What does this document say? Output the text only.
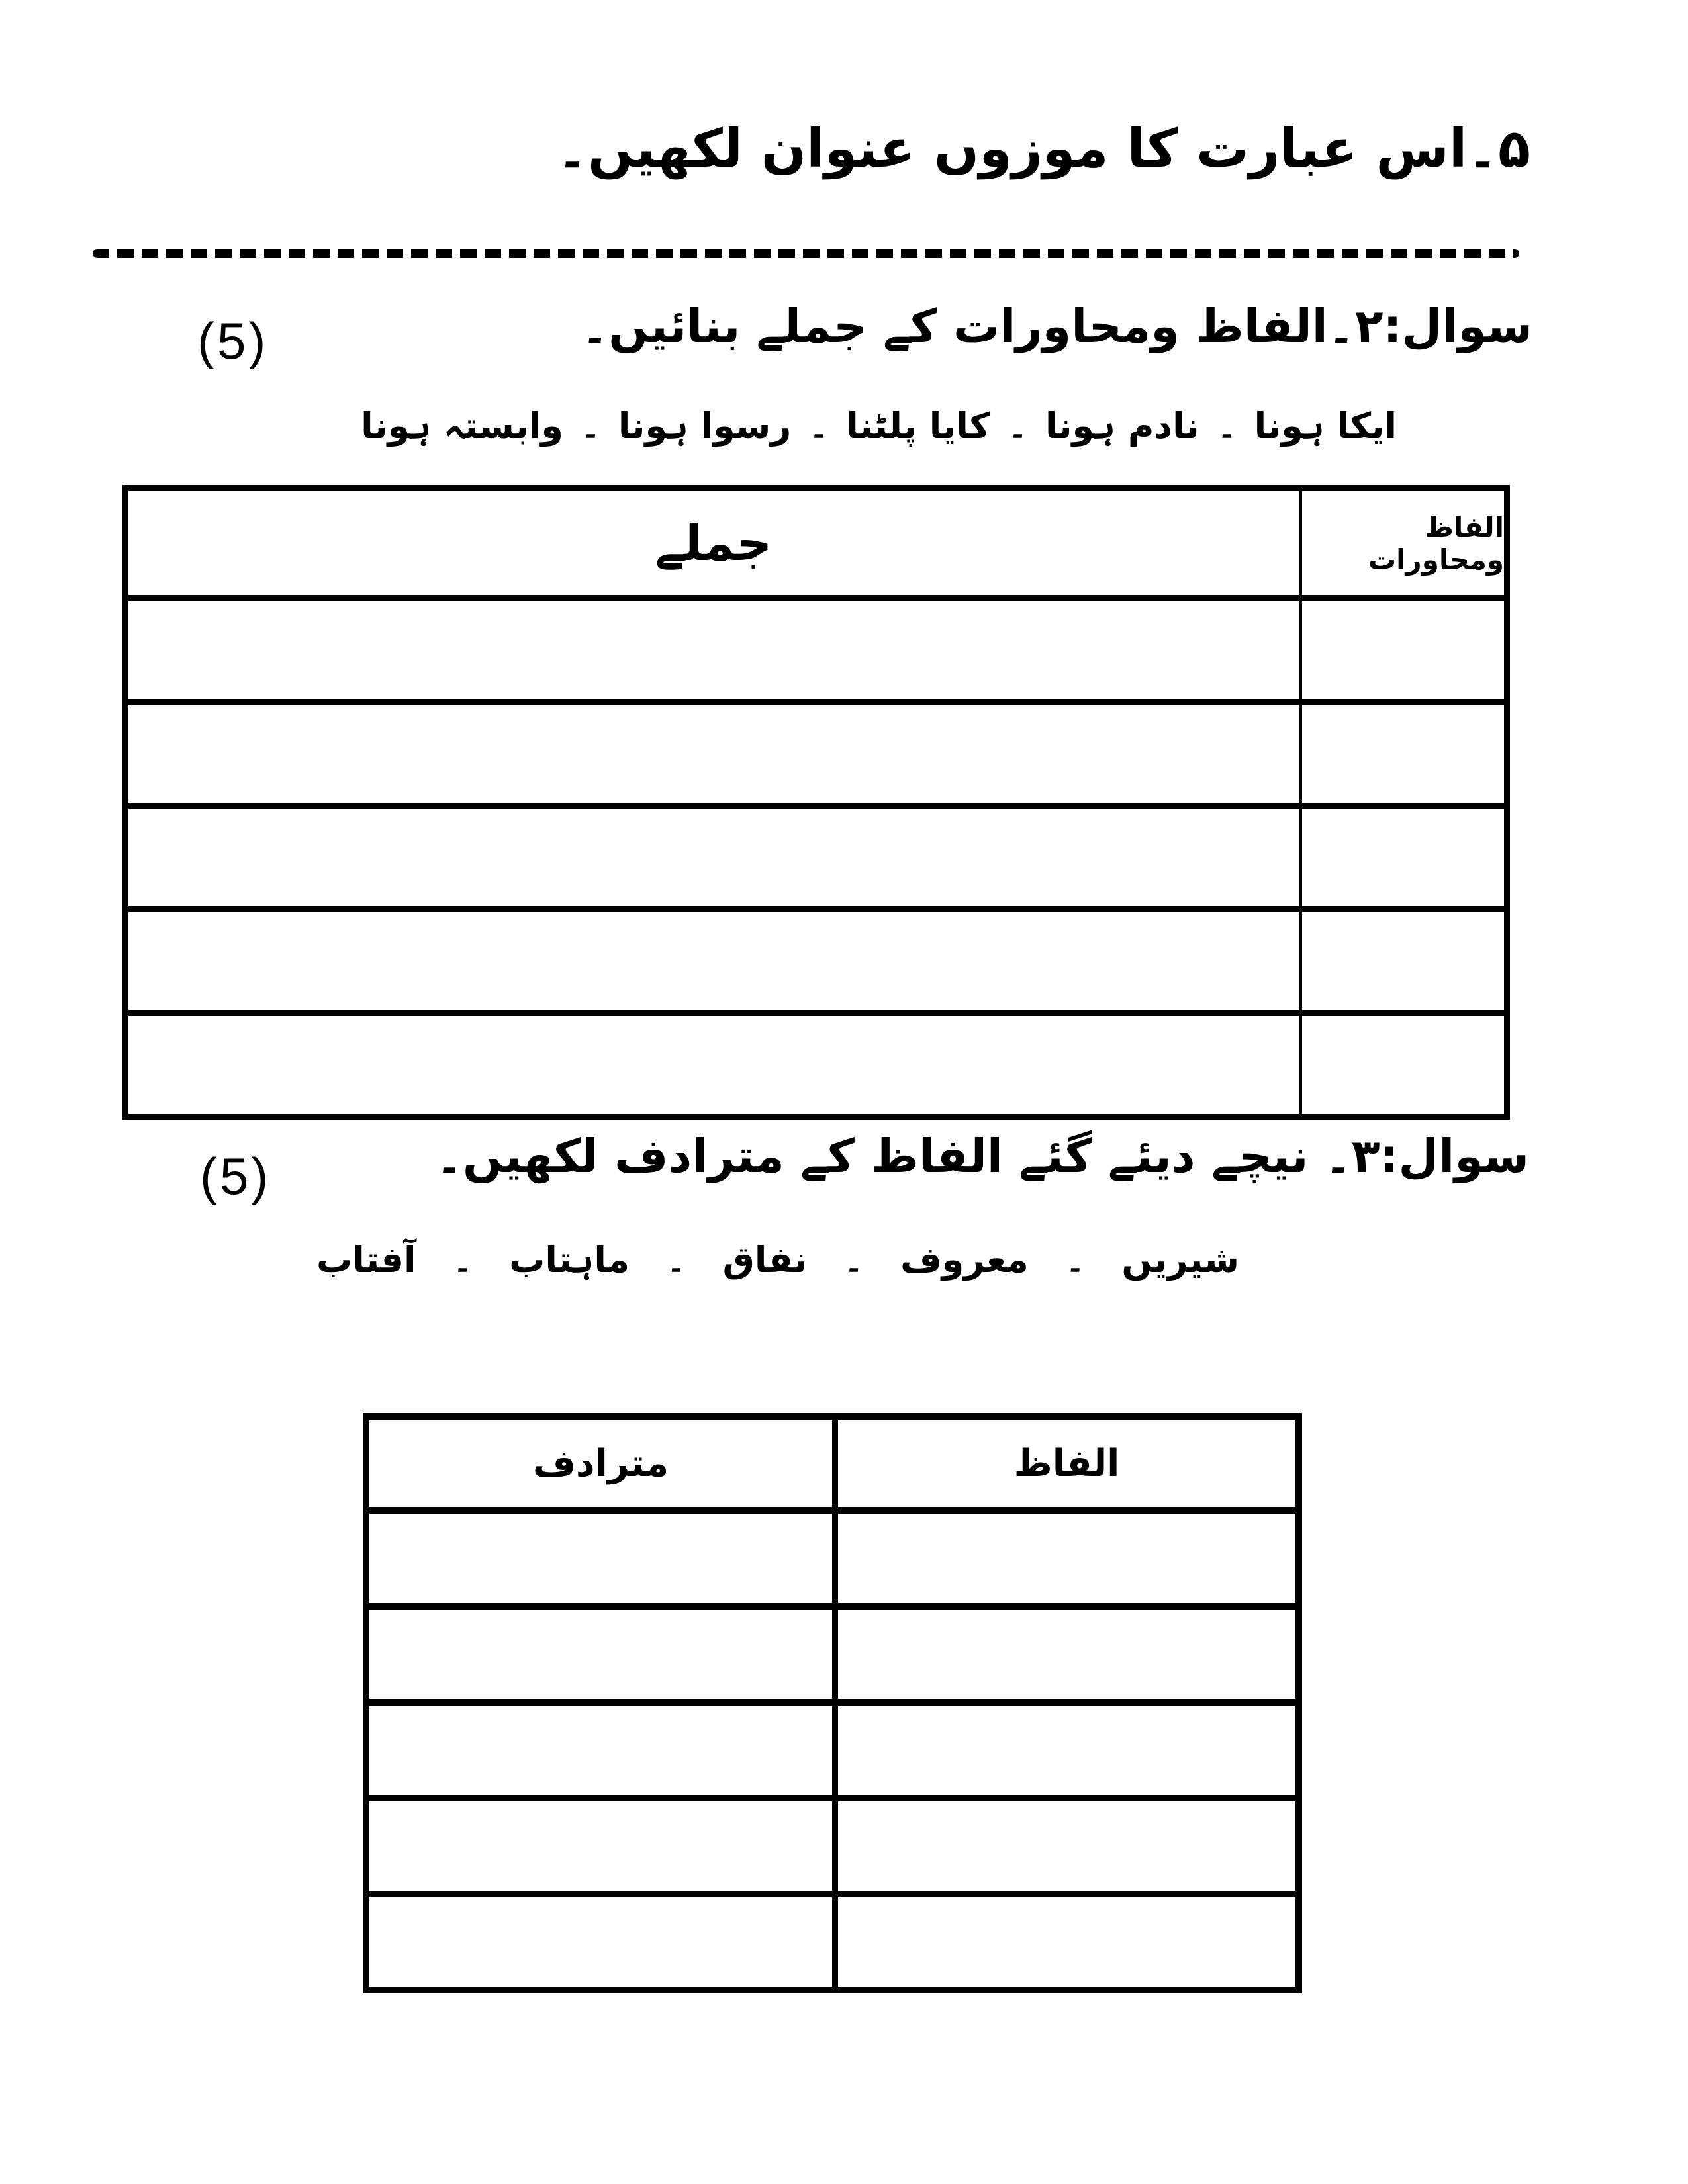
۵۔اس عبارت کا موزوں عنوان لکھیں۔
(5)	سوال:۲۔الفاظ ومحاورات کے جملے بنائیں۔
ایکا ہونا
۔
نادم ہونا
۔
کایا پلٹنا
۔
رسوا ہونا
۔
وابستہ ہونا
جملے	الفاظ ومحاورات
(5)	سوال:۳۔ نیچے دیئے گئے الفاظ کے مترادف لکھیں۔
شیریں
۔
معروف
۔
نفاق
۔
ماہتاب
۔
آفتاب
مترادف	الفاظ
